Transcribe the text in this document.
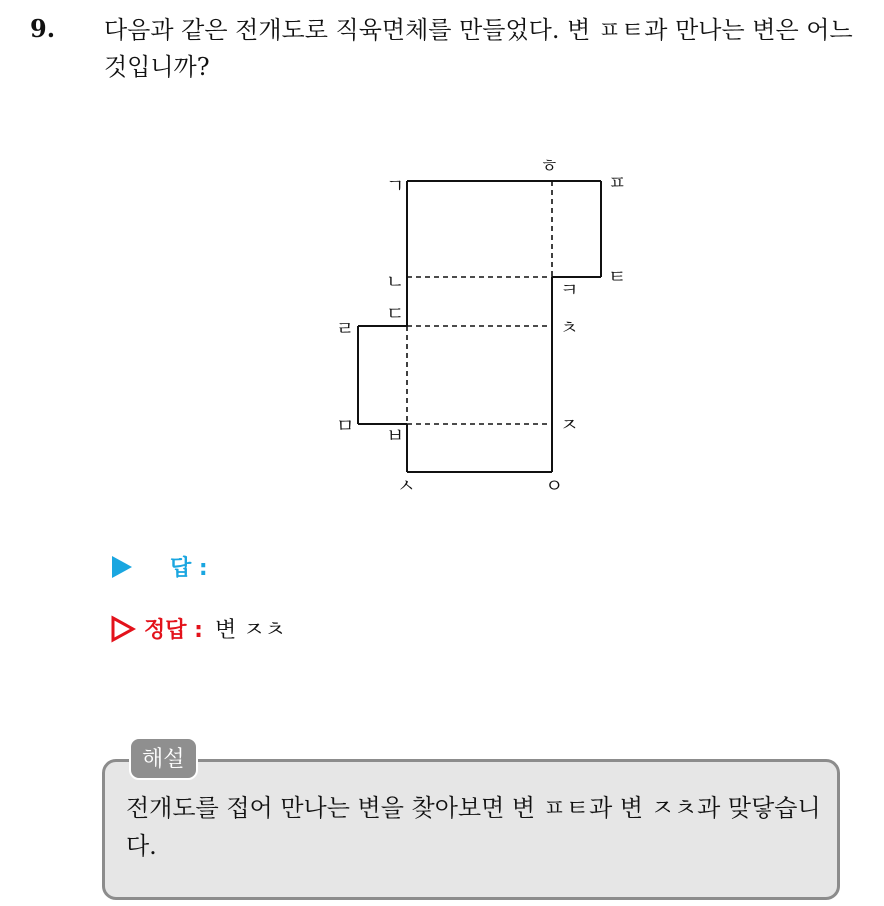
9. 다음과 같은 전개도로 직육면체를 만들었다. 변 ㅍㅌ과 만나는 변은 어느 것입니까?
ㄱ
ㄴ
ㄷ
ㄹ
ㅁ ㅂ
ㅅ	ㅇ
ㅈ
ㅊ
ㅋ
ㅌ
ㅍ
ㅎ
답 :
정답 : 변 ㅈㅊ
해설
전개도를 접어 만나는 변을 찾아보면 변 ㅍㅌ과 변 ㅈㅊ과 맞닿습니다.
